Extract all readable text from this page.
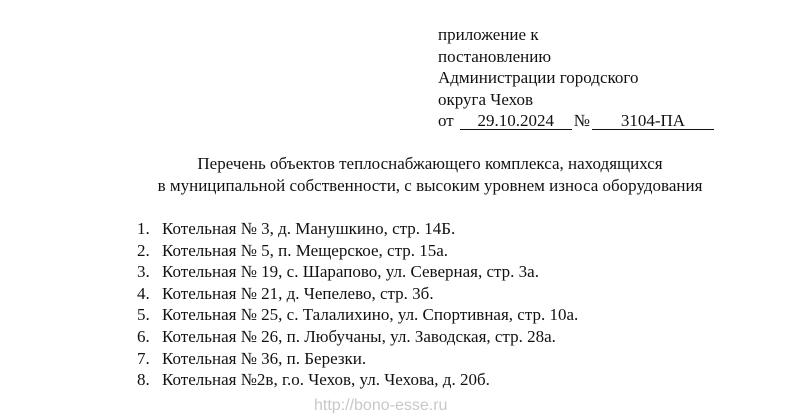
приложение к
постановлению
Администрации городского
округа Чехов
от 29.10.2024 № 3104-ПА
Перечень объектов теплоснабжающего комплекса, находящихся
в муниципальной собственности, с высоким уровнем износа оборудования
1. Котельная № 3, д. Манушкино, стр. 14Б.
2. Котельная № 5, п. Мещерское, стр. 15а.
3. Котельная № 19, с. Шарапово, ул. Северная, стр. 3а.
4. Котельная № 21, д. Чепелево, стр. 3б.
5. Котельная № 25, с. Талалихино, ул. Спортивная, стр. 10а.
6. Котельная № 26, п. Любучаны, ул. Заводская, стр. 28а.
7. Котельная № 36, п. Березки.
8. Котельная №2в, г.о. Чехов, ул. Чехова, д. 20б.
http://bono-esse.ru
